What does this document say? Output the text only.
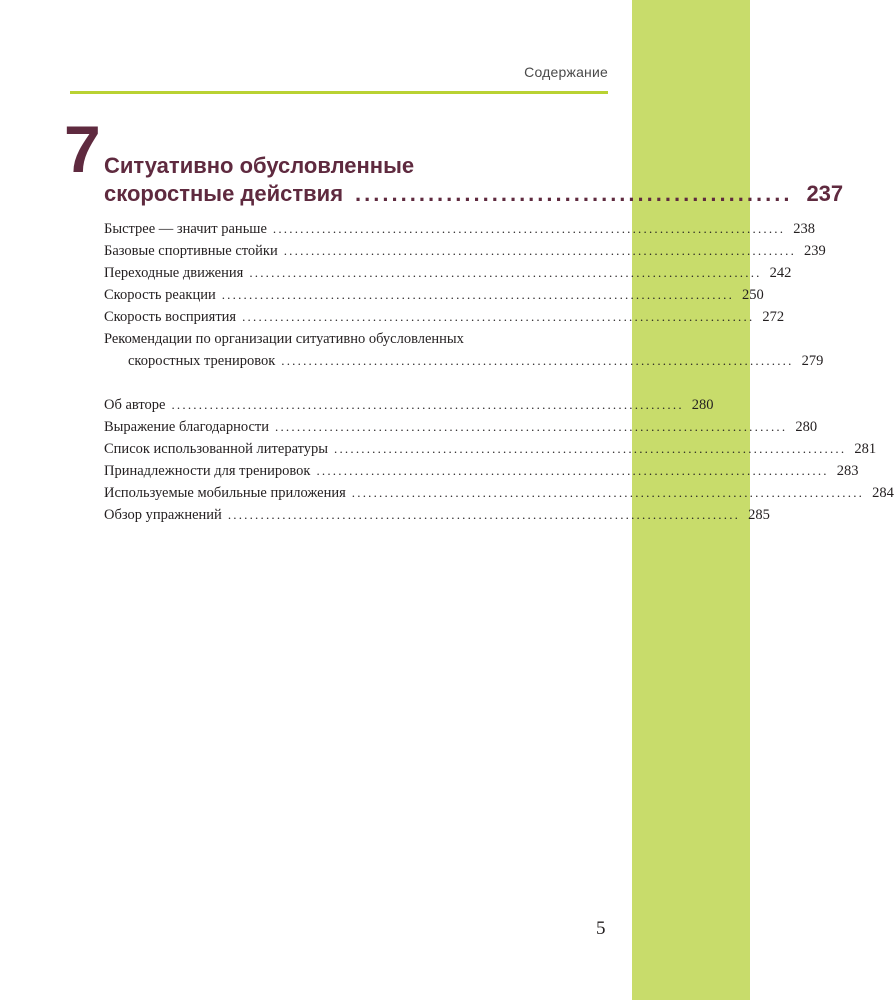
Содержание
7 Ситуативно обусловленные
скоростные действия ................................................ 237
Быстрее — значит раньше .............................................................................................. 238
Базовые спортивные стойки .............................................................................................. 239
Переходные движения .............................................................................................. 242
Скорость реакции .............................................................................................. 250
Скорость восприятия .............................................................................................. 272
Рекомендации по организации ситуативно обусловленных
скоростных тренировок .............................................................................................. 279
Об авторе .............................................................................................. 280
Выражение благодарности .............................................................................................. 280
Список использованной литературы .............................................................................................. 281
Принадлежности для тренировок .............................................................................................. 283
Используемые мобильные приложения .............................................................................................. 284
Обзор упражнений .............................................................................................. 285
5
